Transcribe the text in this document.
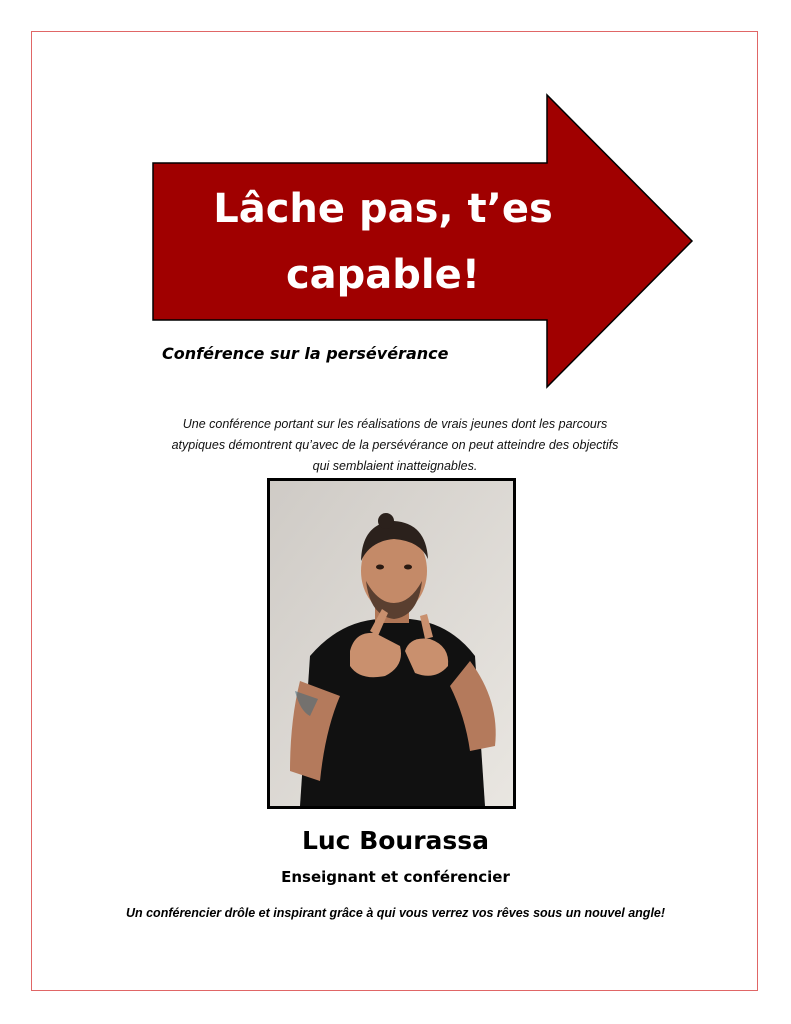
Lâche pas, t’es capable!
Conférence sur la persévérance
Une conférence portant sur les réalisations de vrais jeunes dont les parcours atypiques démontrent qu’avec de la persévérance on peut atteindre des objectifs qui semblaient inatteignables.
Luc Bourassa
Enseignant et conférencier
Un conférencier drôle et inspirant grâce à qui vous verrez vos rêves sous un nouvel angle!
